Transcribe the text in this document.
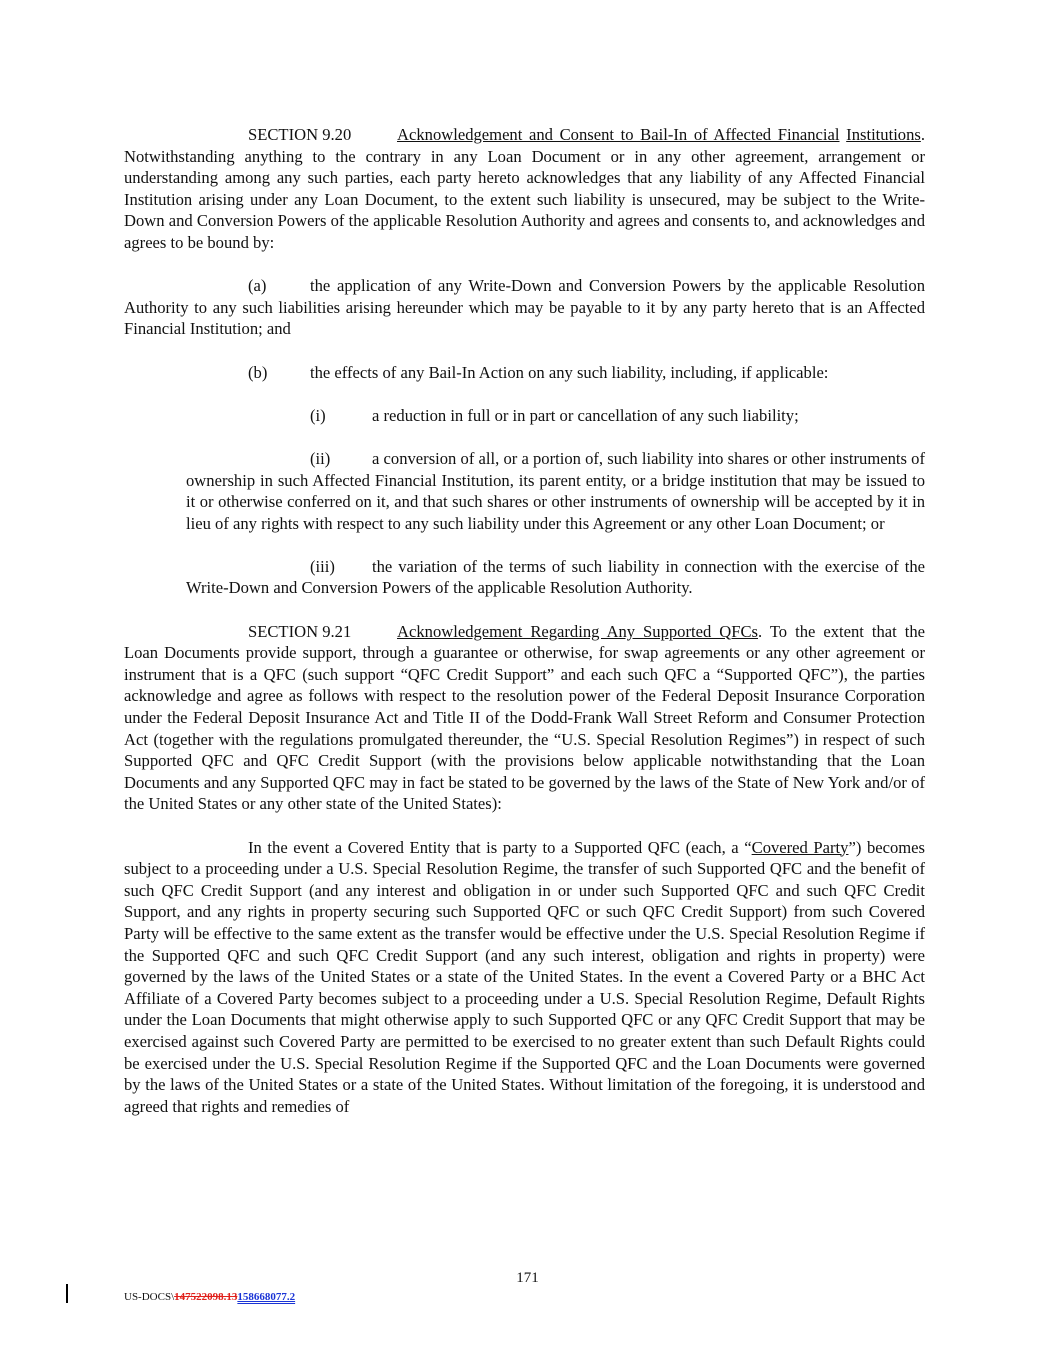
SECTION 9.20	Acknowledgement and Consent to Bail-In of Affected Financial Institutions. Notwithstanding anything to the contrary in any Loan Document or in any other agreement, arrangement or understanding among any such parties, each party hereto acknowledges that any liability of any Affected Financial Institution arising under any Loan Document, to the extent such liability is unsecured, may be subject to the Write-Down and Conversion Powers of the applicable Resolution Authority and agrees and consents to, and acknowledges and agrees to be bound by:

(a)	the application of any Write-Down and Conversion Powers by the applicable Resolution Authority to any such liabilities arising hereunder which may be payable to it by any party hereto that is an Affected Financial Institution; and

(b)	the effects of any Bail-In Action on any such liability, including, if applicable:

(i)	a reduction in full or in part or cancellation of any such liability;

(ii)	a conversion of all, or a portion of, such liability into shares or other instruments of ownership in such Affected Financial Institution, its parent entity, or a bridge institution that may be issued to it or otherwise conferred on it, and that such shares or other instruments of ownership will be accepted by it in lieu of any rights with respect to any such liability under this Agreement or any other Loan Document; or

(iii) the variation of the terms of such liability in connection with the exercise of the Write-Down and Conversion Powers of the applicable Resolution Authority.

SECTION 9.21	Acknowledgement Regarding Any Supported QFCs. To the extent that the Loan Documents provide support, through a guarantee or otherwise, for swap agreements or any other agreement or instrument that is a QFC (such support “QFC Credit Support” and each such QFC a “Supported QFC”), the parties acknowledge and agree as follows with respect to the resolution power of the Federal Deposit Insurance Corporation under the Federal Deposit Insurance Act and Title II of the Dodd-Frank Wall Street Reform and Consumer Protection Act (together with the regulations promulgated thereunder, the “U.S. Special Resolution Regimes”) in respect of such Supported QFC and QFC Credit Support (with the provisions below applicable notwithstanding that the Loan Documents and any Supported QFC may in fact be stated to be governed by the laws of the State of New York and/or of the United States or any other state of the United States):

In the event a Covered Entity that is party to a Supported QFC (each, a “Covered Party”) becomes subject to a proceeding under a U.S. Special Resolution Regime, the transfer of such Supported QFC and the benefit of such QFC Credit Support (and any interest and obligation in or under such Supported QFC and such QFC Credit Support, and any rights in property securing such Supported QFC or such QFC Credit Support) from such Covered Party will be effective to the same extent as the transfer would be effective under the U.S. Special Resolution Regime if the Supported QFC and such QFC Credit Support (and any such interest, obligation and rights in property) were governed by the laws of the United States or a state of the United States. In the event a Covered Party or a BHC Act Affiliate of a Covered Party becomes subject to a proceeding under a U.S. Special Resolution Regime, Default Rights under the Loan Documents that might otherwise apply to such Supported QFC or any QFC Credit Support that may be exercised against such Covered Party are permitted to be exercised to no greater extent than such Default Rights could be exercised under the U.S. Special Resolution Regime if the Supported QFC and the Loan Documents were governed by the laws of the United States or a state of the United States. Without limitation of the foregoing, it is understood and agreed that rights and remedies of

171
US-DOCS\147522098.13158668077.2
